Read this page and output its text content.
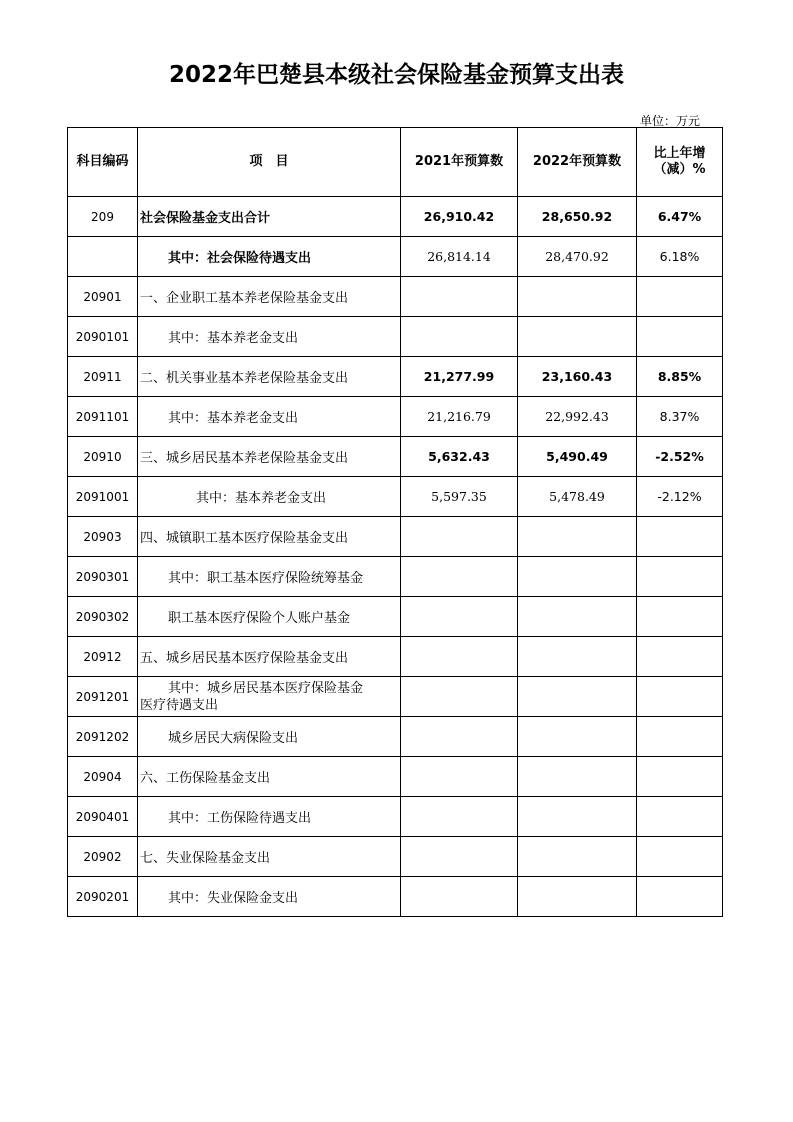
2022年巴楚县本级社会保险基金预算支出表
单位：万元
科目编码	项　目	2021年预算数	2022年预算数	比上年增
（减）%

209	社会保险基金支出合计	26,910.42	28,650.92	6.47%
	其中：社会保险待遇支出	26,814.14	28,470.92	6.18%
20901	一、企业职工基本养老保险基金支出			
2090101	其中：基本养老金支出			
20911	二、机关事业基本养老保险基金支出	21,277.99	23,160.43	8.85%
2091101	其中：基本养老金支出	21,216.79	22,992.43	8.37%
20910	三、城乡居民基本养老保险基金支出	5,632.43	5,490.49	-2.52%
2091001	其中：基本养老金支出	5,597.35	5,478.49	-2.12%
20903	四、城镇职工基本医疗保险基金支出			
2090301	其中：职工基本医疗保险统筹基金			
2090302	职工基本医疗保险个人账户基金			
20912	五、城乡居民基本医疗保险基金支出			
2091201	其中：城乡居民基本医疗保险基金
医疗待遇支出			

2091202	城乡居民大病保险支出			
20904	六、工伤保险基金支出			
2090401	其中：工伤保险待遇支出			
20902	七、失业保险基金支出			
2090201	其中：失业保险金支出			
